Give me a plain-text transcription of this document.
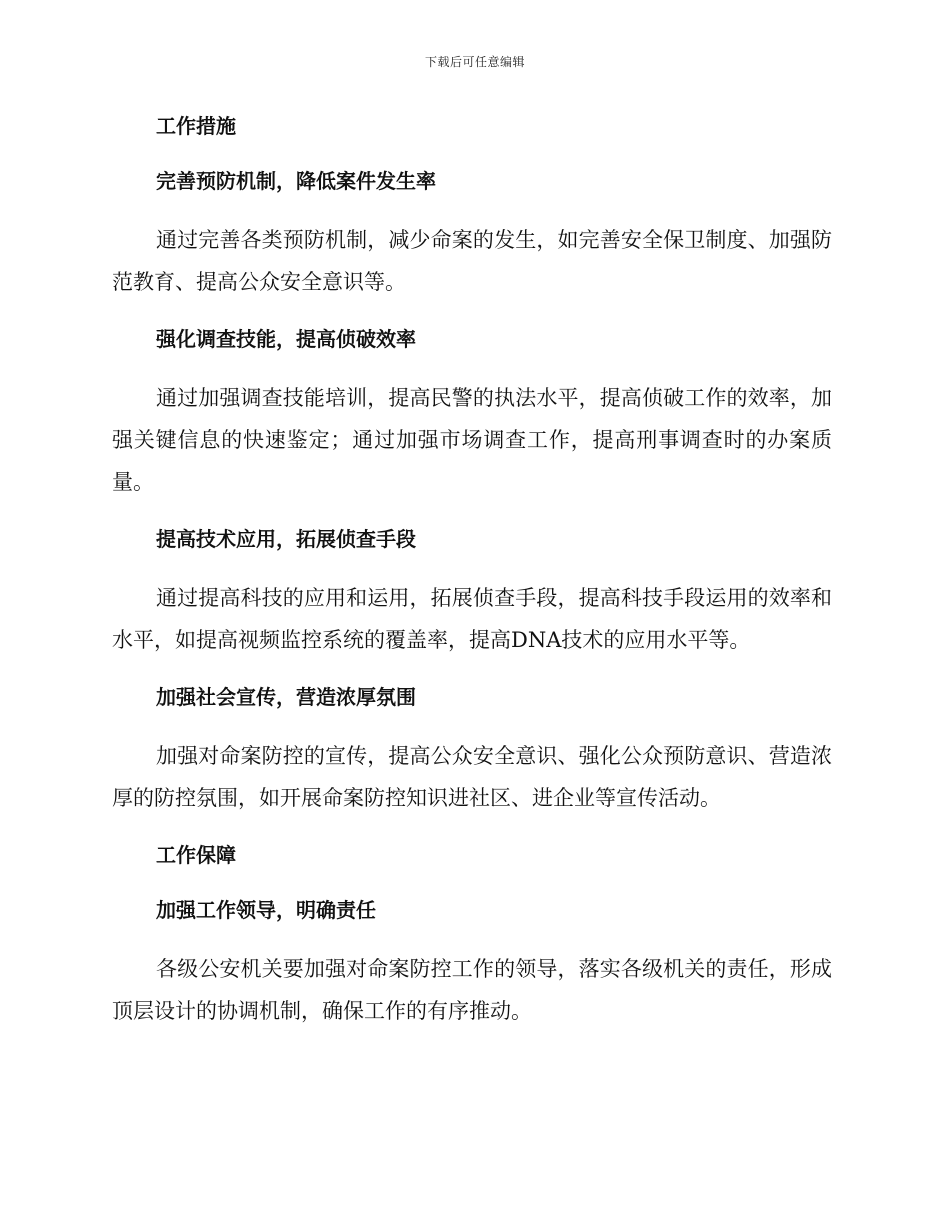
下载后可任意编辑
工作措施
完善预防机制，降低案件发生率

通过完善各类预防机制，减少命案的发生，如完善安全保卫制度、加强防范教育、提高公众安全意识等。

强化调查技能，提高侦破效率

通过加强调查技能培训，提高民警的执法水平，提高侦破工作的效率，加强关键信息的快速鉴定；通过加强市场调查工作，提高刑事调查时的办案质量。

提高技术应用，拓展侦查手段

通过提高科技的应用和运用，拓展侦查手段，提高科技手段运用的效率和水平，如提高视频监控系统的覆盖率，提高DNA技术的应用水平等。

加强社会宣传，营造浓厚氛围

加强对命案防控的宣传，提高公众安全意识、强化公众预防意识、营造浓厚的防控氛围，如开展命案防控知识进社区、进企业等宣传活动。

工作保障
加强工作领导，明确责任

各级公安机关要加强对命案防控工作的领导，落实各级机关的责任，形成顶层设计的协调机制，确保工作的有序推动。
